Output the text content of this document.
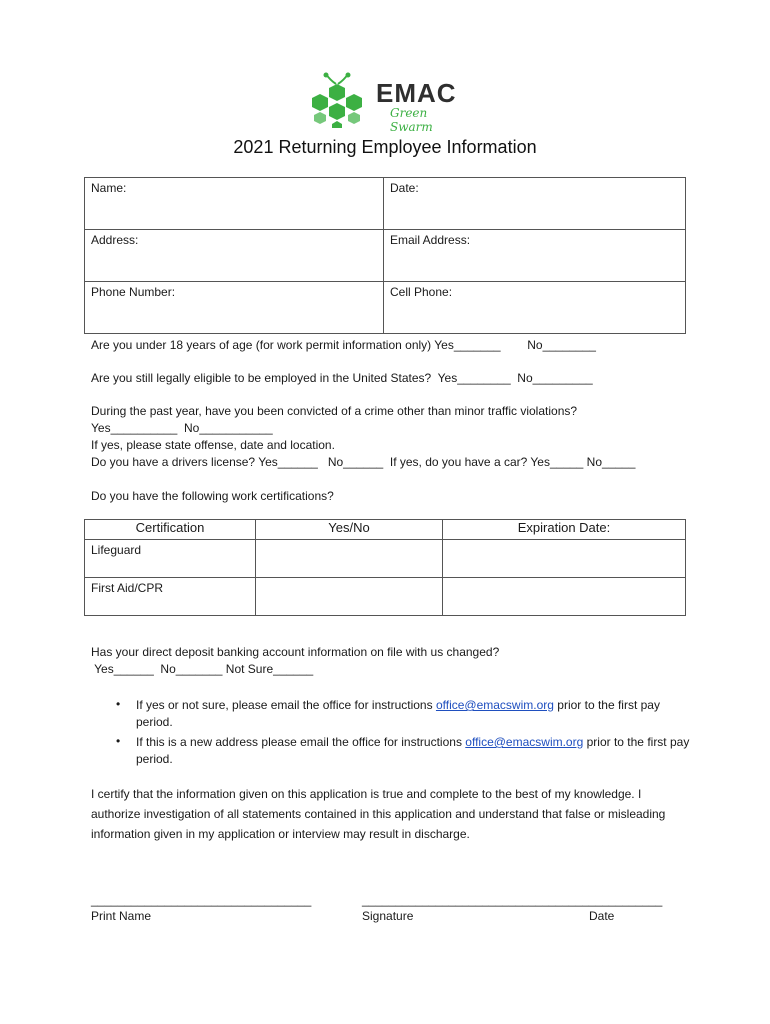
EMAC
Green Swarm
2021 Returning Employee Information
Name:	Date:

Address:	Email Address:

Phone Number:	Cell Phone:
Are you under 18 years of age (for work permit information only) Yes_______        No________
Are you still legally eligible to be employed in the United States?  Yes________  No_________
During the past year, have you been convicted of a crime other than minor traffic violations?
Yes__________  No___________
If yes, please state offense, date and location.
Do you have a drivers license? Yes______   No______  If yes, do you have a car? Yes_____ No_____
Do you have the following work certifications?
Certification	Yes/No	Expiration Date:
Lifeguard		
First Aid/CPR		
Has your direct deposit banking account information on file with us changed?
Yes______  No_______ Not Sure______
• If yes or not sure, please email the office for instructions office@emacswim.org prior to the first pay period.
• If this is a new address please email the office for instructions office@emacswim.org prior to the first pay period.
I certify that the information given on this application is true and complete to the best of my knowledge. I authorize investigation of all statements contained in this application and understand that false or misleading information given in my application or interview may result in discharge.
_________________________________	_____________________________________________
Print Name	Signature	Date
